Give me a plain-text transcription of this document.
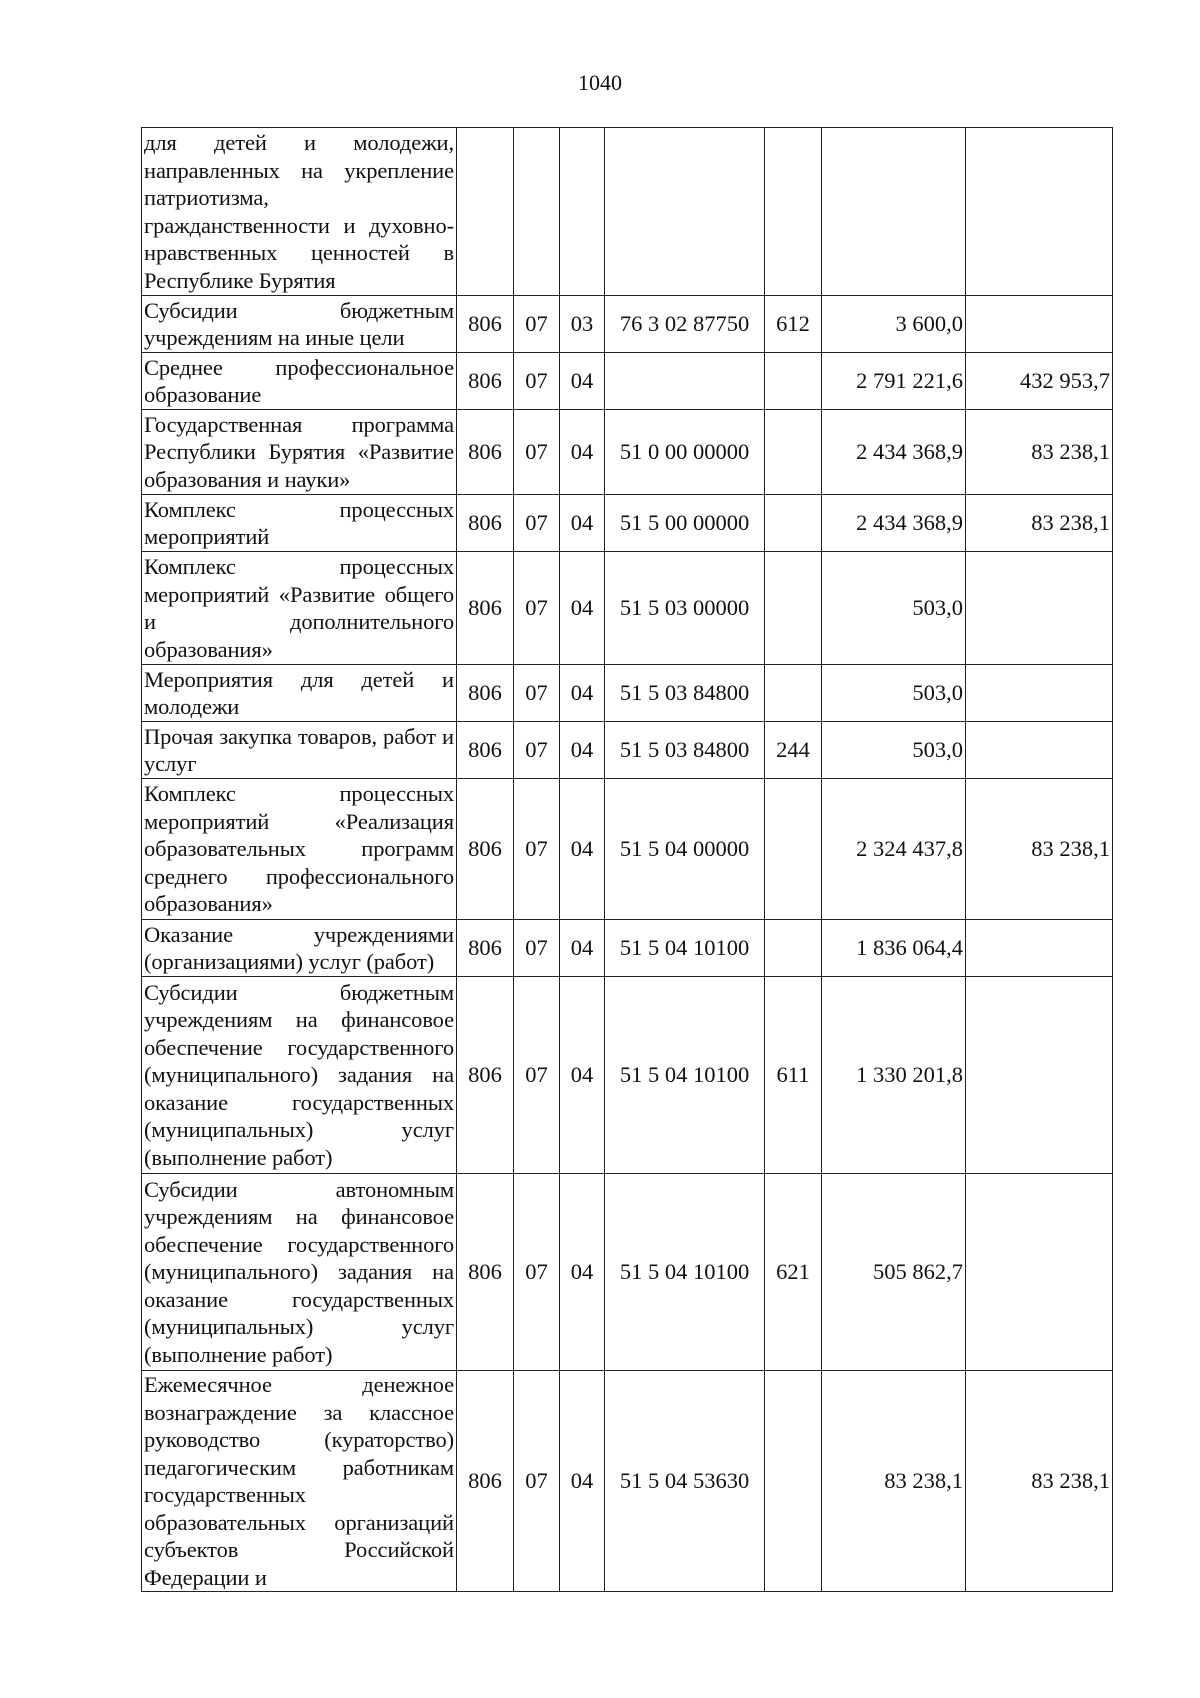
1040
для детей и молодежи, направленных на укрепление патриотизма, гражданственности и духовно-нравственных ценностей в Республике Бурятия							

Субсидии бюджетным учреждениям на иные цели	806	07	03	76 3 02 87750	612	3 600,0	

Среднее профессиональное образование	806	07	04			2 791 221,6	432 953,7

Государственная программа Республики Бурятия «Развитие образования и науки»	806	07	04	51 0 00 00000		2 434 368,9	83 238,1

Комплекс процессных мероприятий	806	07	04	51 5 00 00000		2 434 368,9	83 238,1

Комплекс процессных мероприятий «Развитие общего и дополнительного образования»	806	07	04	51 5 03 00000		503,0	

Мероприятия для детей и молодежи	806	07	04	51 5 03 84800		503,0	

Прочая закупка товаров, работ и услуг	806	07	04	51 5 03 84800	244	503,0	

Комплекс процессных мероприятий «Реализация образовательных программ среднего профессионального образования»	806	07	04	51 5 04 00000		2 324 437,8	83 238,1

Оказание учреждениями (организациями) услуг (работ)	806	07	04	51 5 04 10100		1 836 064,4	

Субсидии бюджетным учреждениям на финансовое обеспечение государственного (муниципального) задания на оказание государственных (муниципальных) услуг (выполнение работ)	806	07	04	51 5 04 10100	611	1 330 201,8	

Субсидии автономным учреждениям на финансовое обеспечение государственного (муниципального) задания на оказание государственных (муниципальных) услуг (выполнение работ)	806	07	04	51 5 04 10100	621	505 862,7	

Ежемесячное денежное вознаграждение за классное руководство (кураторство) педагогическим работникам государственных образовательных организаций субъектов Российской Федерации и	806	07	04	51 5 04 53630		83 238,1	83 238,1
